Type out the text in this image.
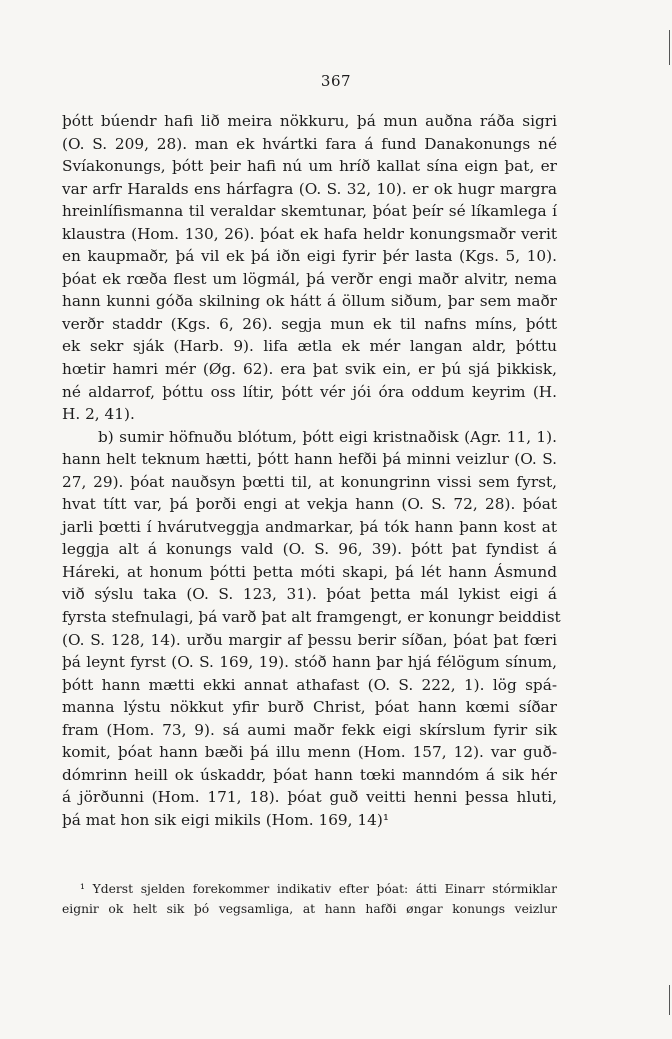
367
þótt búendr hafi lið meira nökkuru, þá mun auðna ráða sigri
(O. S. 209, 28). man ek hvártki fara á fund Danakonungs né
Svíakonungs, þótt þeir hafi nú um hríð kallat sína eign þat, er
var arfr Haralds ens hárfagra (O. S. 32, 10). er ok hugr margra
hreinlífismanna til veraldar skemtunar, þóat þeír sé líkamlega í
klaustra (Hom. 130, 26). þóat ek hafa heldr konungsmaðr verit
en kaupmaðr, þá vil ek þá iðn eigi fyrir þér lasta (Kgs. 5, 10).
þóat ek rœða flest um lögmál, þá verðr engi maðr alvitr, nema
hann kunni góða skilning ok hátt á öllum siðum, þar sem maðr
verðr staddr (Kgs. 6, 26). segja mun ek til nafns míns, þótt
ek sekr sják (Harb. 9). lifa ætla ek mér langan aldr, þóttu
hœtir hamri mér (Øg. 62). era þat svik ein, er þú sjá þikkisk,
né aldarrof, þóttu oss lítir, þótt vér jói óra oddum keyrim (H.
H. 2, 41).
b) sumir höfnuðu blótum, þótt eigi kristnaðisk (Agr. 11, 1).
hann helt teknum hætti, þótt hann hefði þá minni veizlur (O. S.
27, 29). þóat nauðsyn þœtti til, at konungrinn vissi sem fyrst,
hvat títt var, þá þorði engi at vekja hann (O. S. 72, 28). þóat
jarli þœtti í hvárutveggja andmarkar, þá tók hann þann kost at
leggja alt á konungs vald (O. S. 96, 39). þótt þat fyndist á
Háreki, at honum þótti þetta móti skapi, þá lét hann Ásmund
við sýslu taka (O. S. 123, 31). þóat þetta mál lykist eigi á
fyrsta stefnulagi, þá varð þat alt framgengt, er konungr beiddist
(O. S. 128, 14). urðu margir af þessu berir síðan, þóat þat fœri
þá leynt fyrst (O. S. 169, 19). stóð hann þar hjá félögum sínum,
þótt hann mætti ekki annat athafast (O. S. 222, 1). lög spá-
manna lýstu nökkut yfir burð Christ, þóat hann kœmi síðar
fram (Hom. 73, 9). sá aumi maðr fekk eigi skírslum fyrir sik
komit, þóat hann bæði þá illu menn (Hom. 157, 12). var guð-
dómrinn heill ok úskaddr, þóat hann tœki manndóm á sik hér
á jörðunni (Hom. 171, 18). þóat guð veitti henni þessa hluti,
þá mat hon sik eigi mikils (Hom. 169, 14)¹
¹ Yderst sjelden forekommer indikativ efter þóat: átti Einarr stórmiklar
eignir ok helt sik þó vegsamliga, at hann hafði øngar konungs veizlur
